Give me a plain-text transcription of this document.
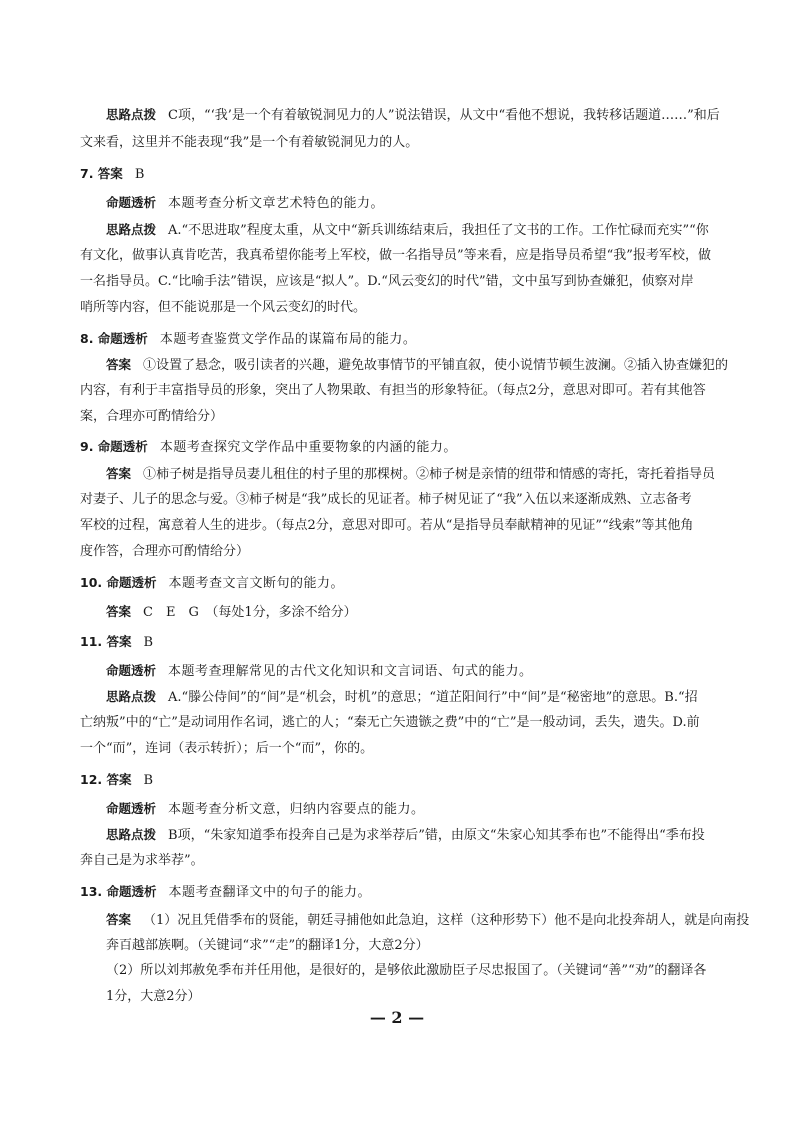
思路点拨 C项，“‘我’是一个有着敏锐洞见力的人”说法错误，从文中“看他不想说，我转移话题道……”和后
文来看，这里并不能表现“我”是一个有着敏锐洞见力的人。
7. 答案 B
命题透析 本题考查分析文章艺术特色的能力。
思路点拨 A.“不思进取”程度太重，从文中“新兵训练结束后，我担任了文书的工作。工作忙碌而充实”“你
有文化，做事认真肯吃苦，我真希望你能考上军校，做一名指导员”等来看，应是指导员希望“我”报考军校，做
一名指导员。C.“比喻手法”错误，应该是“拟人”。D.“风云变幻的时代”错，文中虽写到协查嫌犯，侦察对岸
哨所等内容，但不能说那是一个风云变幻的时代。
8. 命题透析 本题考查鉴赏文学作品的谋篇布局的能力。
答案 ①设置了悬念，吸引读者的兴趣，避免故事情节的平铺直叙，使小说情节顿生波澜。②插入协查嫌犯的
内容，有利于丰富指导员的形象，突出了人物果敢、有担当的形象特征。（每点2分，意思对即可。若有其他答
案，合理亦可酌情给分）
9. 命题透析 本题考查探究文学作品中重要物象的内涵的能力。
答案 ①柿子树是指导员妻儿租住的村子里的那棵树。②柿子树是亲情的纽带和情感的寄托，寄托着指导员
对妻子、儿子的思念与爱。③柿子树是“我”成长的见证者。柿子树见证了“我”入伍以来逐渐成熟、立志备考
军校的过程，寓意着人生的进步。（每点2分，意思对即可。若从“是指导员奉献精神的见证”“线索”等其他角
度作答，合理亦可酌情给分）
10. 命题透析 本题考查文言文断句的能力。
答案 C　E　G　（每处1分，多涂不给分）
11. 答案 B
命题透析 本题考查理解常见的古代文化知识和文言词语、句式的能力。
思路点拨 A.“滕公侍间”的“间”是“机会，时机”的意思；“道芷阳间行”中“间”是“秘密地”的意思。B.“招
亡纳叛”中的“亡”是动词用作名词，逃亡的人；“秦无亡矢遗镞之费”中的“亡”是一般动词，丢失，遗失。D.前
一个“而”，连词（表示转折）；后一个“而”，你的。
12. 答案 B
命题透析 本题考查分析文意，归纳内容要点的能力。
思路点拨 B项，“朱家知道季布投奔自己是为求举荐后”错，由原文“朱家心知其季布也”不能得出“季布投
奔自己是为求举荐”。
13. 命题透析 本题考查翻译文中的句子的能力。
答案 （1）况且凭借季布的贤能，朝廷寻捕他如此急迫，这样（这种形势下）他不是向北投奔胡人，就是向南投
奔百越部族啊。（关键词“求”“走”的翻译1分，大意2分）
（2）所以刘邦赦免季布并任用他，是很好的，是够依此激励臣子尽忠报国了。（关键词“善”“劝”的翻译各
1分，大意2分）
— 2 —
